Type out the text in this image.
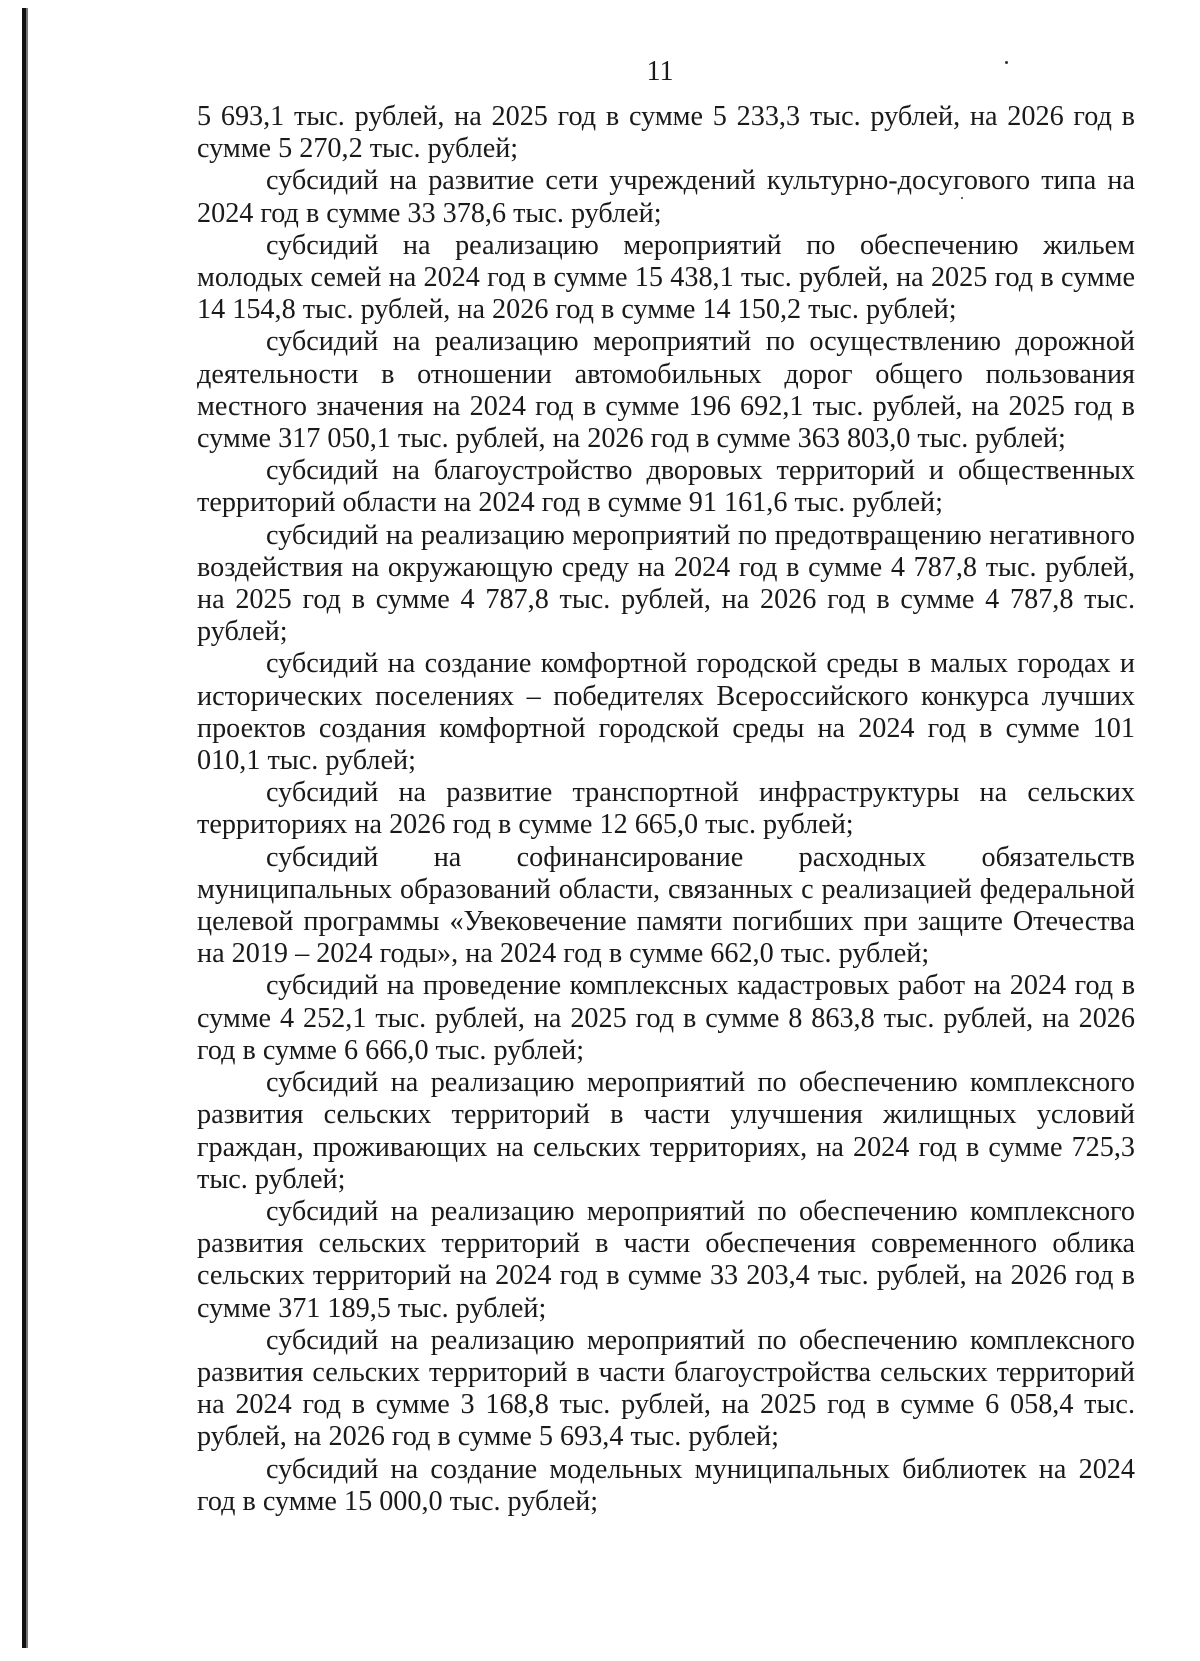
11

5 693,1 тыс. рублей, на 2025 год в сумме 5 233,3 тыс. рублей, на 2026 год в сумме 5 270,2 тыс. рублей;

субсидий на развитие сети учреждений культурно-досугового типа на 2024 год в сумме 33 378,6 тыс. рублей;

субсидий на реализацию мероприятий по обеспечению жильем молодых семей на 2024 год в сумме 15 438,1 тыс. рублей, на 2025 год в сумме 14 154,8 тыс. рублей, на 2026 год в сумме 14 150,2 тыс. рублей;

субсидий на реализацию мероприятий по осуществлению дорожной деятельности в отношении автомобильных дорог общего пользования местного значения на 2024 год в сумме 196 692,1 тыс. рублей, на 2025 год в сумме 317 050,1 тыс. рублей, на 2026 год в сумме 363 803,0 тыс. рублей;

субсидий на благоустройство дворовых территорий и общественных территорий области на 2024 год в сумме 91 161,6 тыс. рублей;

субсидий на реализацию мероприятий по предотвращению негативного воздействия на окружающую среду на 2024 год в сумме 4 787,8 тыс. рублей, на 2025 год в сумме 4 787,8 тыс. рублей, на 2026 год в сумме 4 787,8 тыс. рублей;

субсидий на создание комфортной городской среды в малых городах и исторических поселениях – победителях Всероссийского конкурса лучших проектов создания комфортной городской среды на 2024 год в сумме 101 010,1 тыс. рублей;

субсидий на развитие транспортной инфраструктуры на сельских территориях на 2026 год в сумме 12 665,0 тыс. рублей;

субсидий на софинансирование расходных обязательств муниципальных образований области, связанных с реализацией федеральной целевой программы «Увековечение памяти погибших при защите Отечества на 2019 – 2024 годы», на 2024 год в сумме 662,0 тыс. рублей;

субсидий на проведение комплексных кадастровых работ на 2024 год в сумме 4 252,1 тыс. рублей, на 2025 год в сумме 8 863,8 тыс. рублей, на 2026 год в сумме 6 666,0 тыс. рублей;

субсидий на реализацию мероприятий по обеспечению комплексного развития сельских территорий в части улучшения жилищных условий граждан, проживающих на сельских территориях, на 2024 год в сумме 725,3 тыс. рублей;

субсидий на реализацию мероприятий по обеспечению комплексного развития сельских территорий в части обеспечения современного облика сельских территорий на 2024 год в сумме 33 203,4 тыс. рублей, на 2026 год в сумме 371 189,5 тыс. рублей;

субсидий на реализацию мероприятий по обеспечению комплексного развития сельских территорий в части благоустройства сельских территорий на 2024 год в сумме 3 168,8 тыс. рублей, на 2025 год в сумме 6 058,4 тыс. рублей, на 2026 год в сумме 5 693,4 тыс. рублей;

субсидий на создание модельных муниципальных библиотек на 2024 год в сумме 15 000,0 тыс. рублей;
